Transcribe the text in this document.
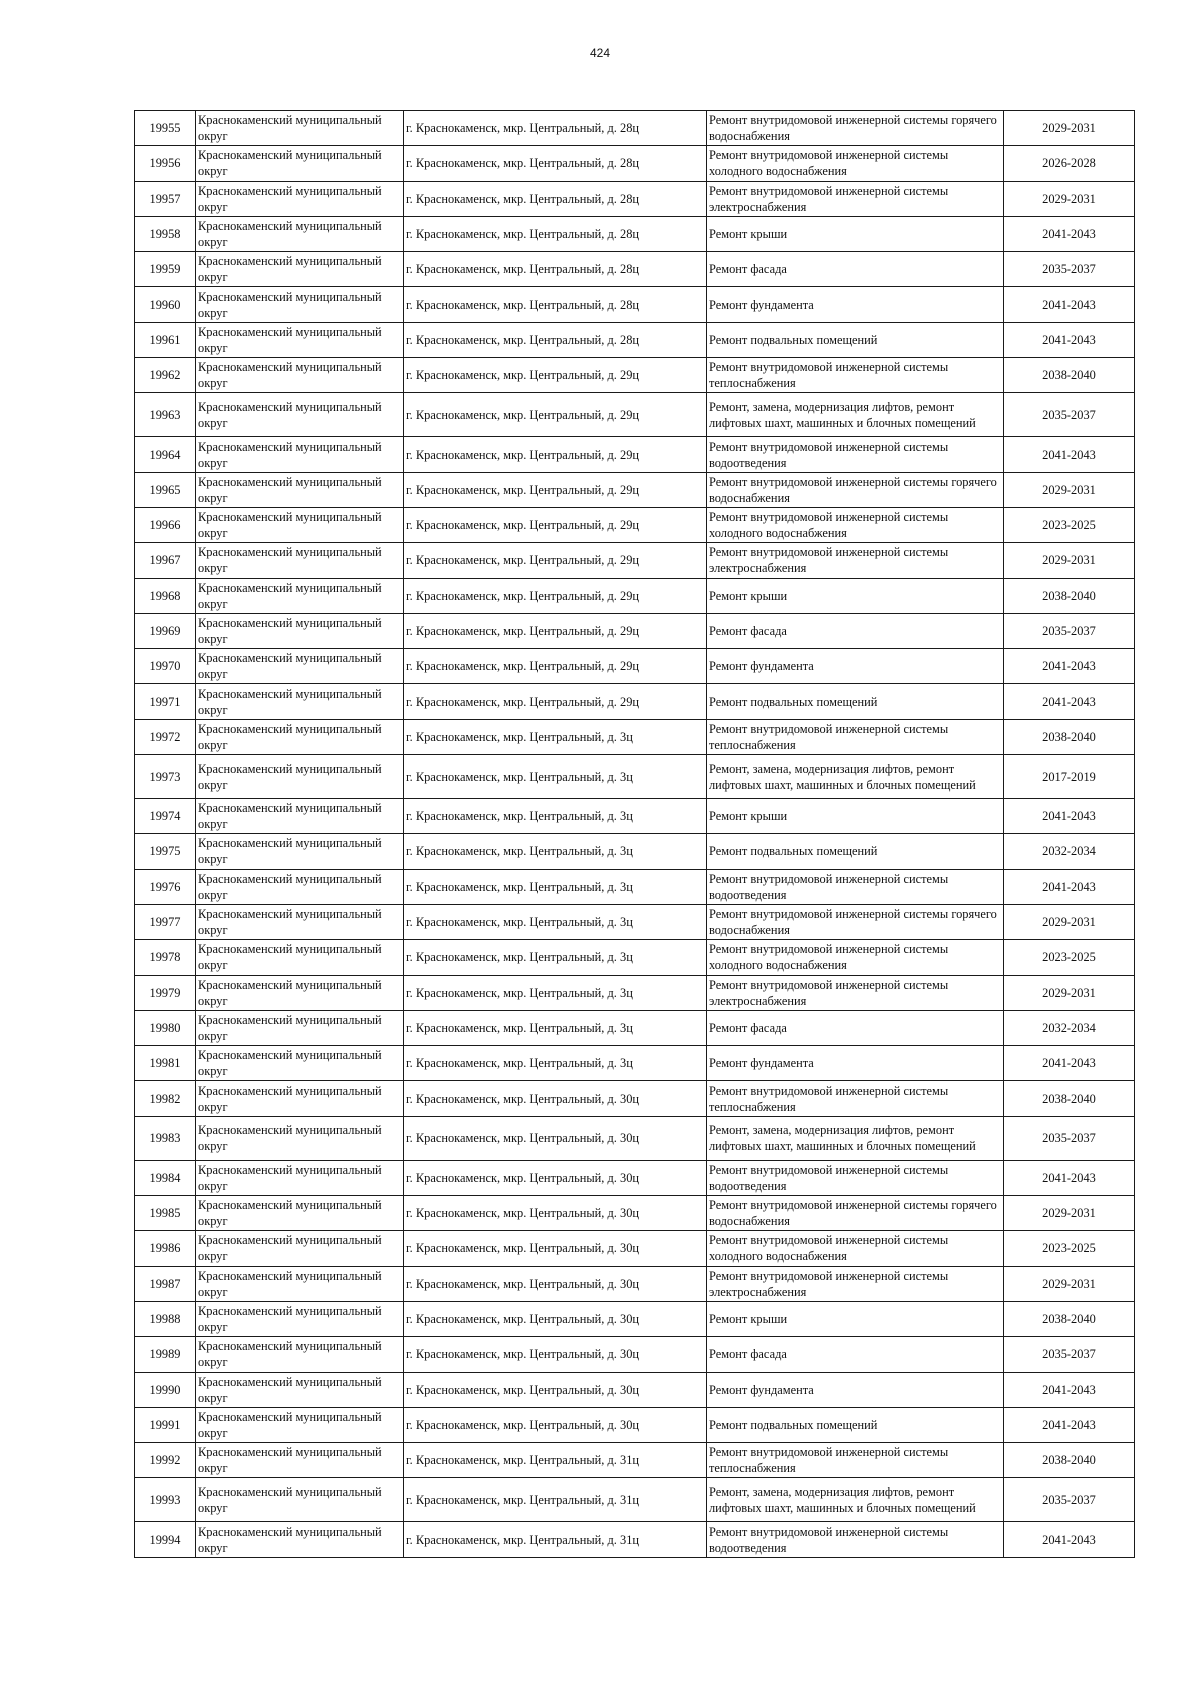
424
19955	Краснокаменский муниципальный округ	г. Краснокаменск, мкр. Центральный, д. 28ц	Ремонт внутридомовой инженерной системы горячего водоснабжения	2029-2031
19956	Краснокаменский муниципальный округ	г. Краснокаменск, мкр. Центральный, д. 28ц	Ремонт внутридомовой инженерной системы холодного водоснабжения	2026-2028
19957	Краснокаменский муниципальный округ	г. Краснокаменск, мкр. Центральный, д. 28ц	Ремонт внутридомовой инженерной системы электроснабжения	2029-2031
19958	Краснокаменский муниципальный округ	г. Краснокаменск, мкр. Центральный, д. 28ц	Ремонт крыши	2041-2043
19959	Краснокаменский муниципальный округ	г. Краснокаменск, мкр. Центральный, д. 28ц	Ремонт фасада	2035-2037
19960	Краснокаменский муниципальный округ	г. Краснокаменск, мкр. Центральный, д. 28ц	Ремонт фундамента	2041-2043
19961	Краснокаменский муниципальный округ	г. Краснокаменск, мкр. Центральный, д. 28ц	Ремонт подвальных помещений	2041-2043
19962	Краснокаменский муниципальный округ	г. Краснокаменск, мкр. Центральный, д. 29ц	Ремонт внутридомовой инженерной системы теплоснабжения	2038-2040
19963	Краснокаменский муниципальный округ	г. Краснокаменск, мкр. Центральный, д. 29ц	Ремонт, замена, модернизация лифтов, ремонт лифтовых шахт, машинных и блочных помещений	2035-2037
19964	Краснокаменский муниципальный округ	г. Краснокаменск, мкр. Центральный, д. 29ц	Ремонт внутридомовой инженерной системы водоотведения	2041-2043
19965	Краснокаменский муниципальный округ	г. Краснокаменск, мкр. Центральный, д. 29ц	Ремонт внутридомовой инженерной системы горячего водоснабжения	2029-2031
19966	Краснокаменский муниципальный округ	г. Краснокаменск, мкр. Центральный, д. 29ц	Ремонт внутридомовой инженерной системы холодного водоснабжения	2023-2025
19967	Краснокаменский муниципальный округ	г. Краснокаменск, мкр. Центральный, д. 29ц	Ремонт внутридомовой инженерной системы электроснабжения	2029-2031
19968	Краснокаменский муниципальный округ	г. Краснокаменск, мкр. Центральный, д. 29ц	Ремонт крыши	2038-2040
19969	Краснокаменский муниципальный округ	г. Краснокаменск, мкр. Центральный, д. 29ц	Ремонт фасада	2035-2037
19970	Краснокаменский муниципальный округ	г. Краснокаменск, мкр. Центральный, д. 29ц	Ремонт фундамента	2041-2043
19971	Краснокаменский муниципальный округ	г. Краснокаменск, мкр. Центральный, д. 29ц	Ремонт подвальных помещений	2041-2043
19972	Краснокаменский муниципальный округ	г. Краснокаменск, мкр. Центральный, д. 3ц	Ремонт внутридомовой инженерной системы теплоснабжения	2038-2040
19973	Краснокаменский муниципальный округ	г. Краснокаменск, мкр. Центральный, д. 3ц	Ремонт, замена, модернизация лифтов, ремонт лифтовых шахт, машинных и блочных помещений	2017-2019
19974	Краснокаменский муниципальный округ	г. Краснокаменск, мкр. Центральный, д. 3ц	Ремонт крыши	2041-2043
19975	Краснокаменский муниципальный округ	г. Краснокаменск, мкр. Центральный, д. 3ц	Ремонт подвальных помещений	2032-2034
19976	Краснокаменский муниципальный округ	г. Краснокаменск, мкр. Центральный, д. 3ц	Ремонт внутридомовой инженерной системы водоотведения	2041-2043
19977	Краснокаменский муниципальный округ	г. Краснокаменск, мкр. Центральный, д. 3ц	Ремонт внутридомовой инженерной системы горячего водоснабжения	2029-2031
19978	Краснокаменский муниципальный округ	г. Краснокаменск, мкр. Центральный, д. 3ц	Ремонт внутридомовой инженерной системы холодного водоснабжения	2023-2025
19979	Краснокаменский муниципальный округ	г. Краснокаменск, мкр. Центральный, д. 3ц	Ремонт внутридомовой инженерной системы электроснабжения	2029-2031
19980	Краснокаменский муниципальный округ	г. Краснокаменск, мкр. Центральный, д. 3ц	Ремонт фасада	2032-2034
19981	Краснокаменский муниципальный округ	г. Краснокаменск, мкр. Центральный, д. 3ц	Ремонт фундамента	2041-2043
19982	Краснокаменский муниципальный округ	г. Краснокаменск, мкр. Центральный, д. 30ц	Ремонт внутридомовой инженерной системы теплоснабжения	2038-2040
19983	Краснокаменский муниципальный округ	г. Краснокаменск, мкр. Центральный, д. 30ц	Ремонт, замена, модернизация лифтов, ремонт лифтовых шахт, машинных и блочных помещений	2035-2037
19984	Краснокаменский муниципальный округ	г. Краснокаменск, мкр. Центральный, д. 30ц	Ремонт внутридомовой инженерной системы водоотведения	2041-2043
19985	Краснокаменский муниципальный округ	г. Краснокаменск, мкр. Центральный, д. 30ц	Ремонт внутридомовой инженерной системы горячего водоснабжения	2029-2031
19986	Краснокаменский муниципальный округ	г. Краснокаменск, мкр. Центральный, д. 30ц	Ремонт внутридомовой инженерной системы холодного водоснабжения	2023-2025
19987	Краснокаменский муниципальный округ	г. Краснокаменск, мкр. Центральный, д. 30ц	Ремонт внутридомовой инженерной системы электроснабжения	2029-2031
19988	Краснокаменский муниципальный округ	г. Краснокаменск, мкр. Центральный, д. 30ц	Ремонт крыши	2038-2040
19989	Краснокаменский муниципальный округ	г. Краснокаменск, мкр. Центральный, д. 30ц	Ремонт фасада	2035-2037
19990	Краснокаменский муниципальный округ	г. Краснокаменск, мкр. Центральный, д. 30ц	Ремонт фундамента	2041-2043
19991	Краснокаменский муниципальный округ	г. Краснокаменск, мкр. Центральный, д. 30ц	Ремонт подвальных помещений	2041-2043
19992	Краснокаменский муниципальный округ	г. Краснокаменск, мкр. Центральный, д. 31ц	Ремонт внутридомовой инженерной системы теплоснабжения	2038-2040
19993	Краснокаменский муниципальный округ	г. Краснокаменск, мкр. Центральный, д. 31ц	Ремонт, замена, модернизация лифтов, ремонт лифтовых шахт, машинных и блочных помещений	2035-2037
19994	Краснокаменский муниципальный округ	г. Краснокаменск, мкр. Центральный, д. 31ц	Ремонт внутридомовой инженерной системы водоотведения	2041-2043
